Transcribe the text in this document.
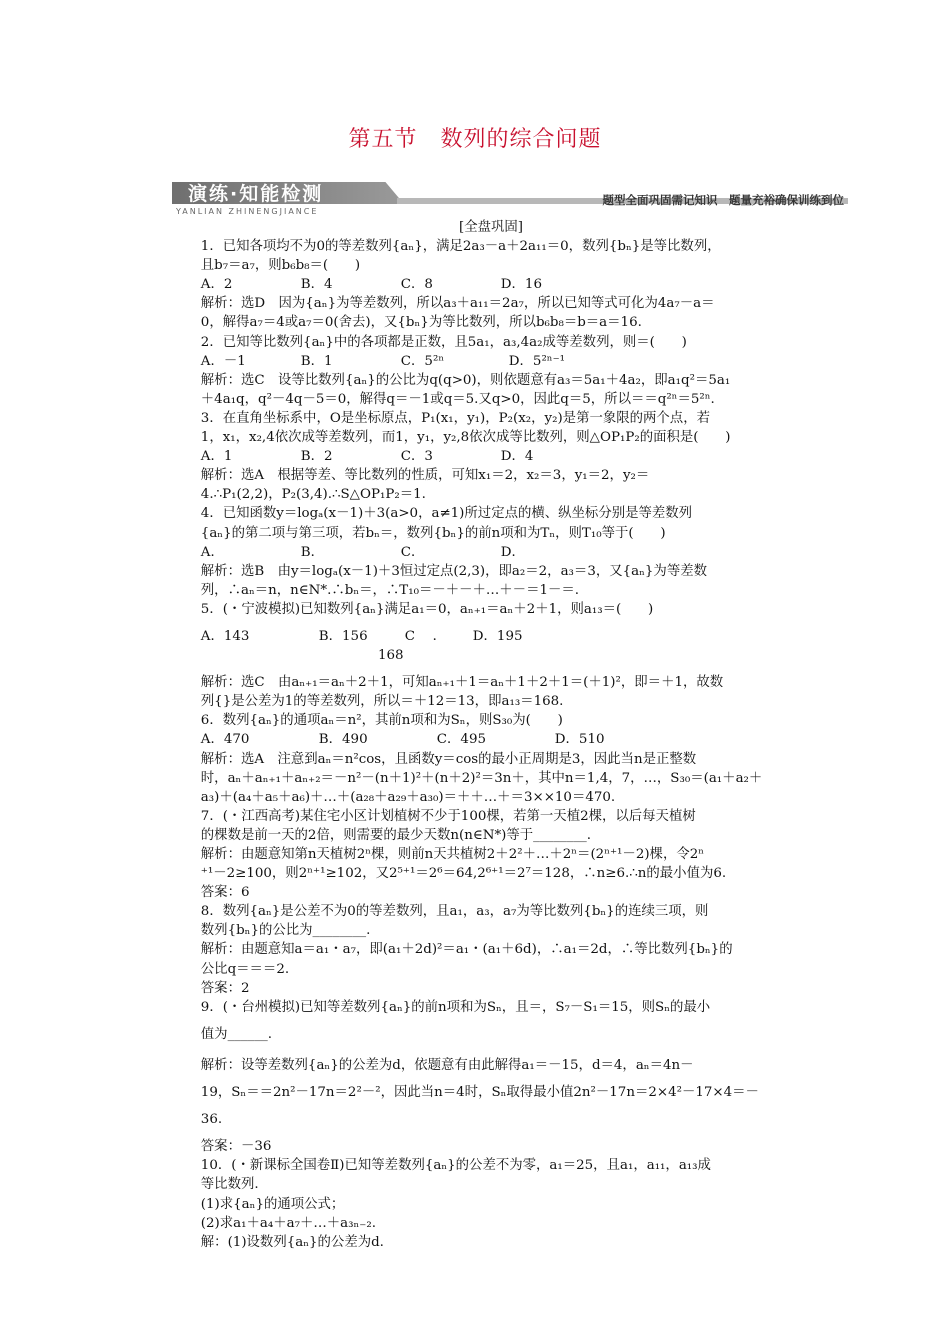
第五节　数列的综合问题
演练·知能检测
YANLIAN ZHINENGJIANCE
题型全面巩固需记知识　题量充裕确保训练到位

[全盘巩固]

1．已知各项均不为0的等差数列{aₙ}，满足2a₃－a＋2a₁₁＝0，数列{bₙ}是等比数列，

且b₇＝a₇，则b₆b₈＝(　　)

A．2	B．4	C．8	D．16

解析：选D　因为{aₙ}为等差数列，所以a₃＋a₁₁＝2a₇，所以已知等式可化为4a₇－a＝

0，解得a₇＝4或a₇＝0(舍去)，又{bₙ}为等比数列，所以b₆b₈＝b＝a＝16.

2．已知等比数列{aₙ}中的各项都是正数，且5a₁，a₃,4a₂成等差数列，则＝(　　)

A．－1	B．1	C．5²ⁿ	D．5²ⁿ⁻¹

解析：选C　设等比数列{aₙ}的公比为q(q>0)，则依题意有a₃＝5a₁＋4a₂，即a₁q²＝5a₁

＋4a₁q，q²－4q－5＝0，解得q＝－1或q＝5.又q>0，因此q＝5，所以＝＝q²ⁿ＝5²ⁿ.

3．在直角坐标系中，O是坐标原点，P₁(x₁，y₁)，P₂(x₂，y₂)是第一象限的两个点，若

1，x₁，x₂,4依次成等差数列，而1，y₁，y₂,8依次成等比数列，则△OP₁P₂的面积是(　　)

A．1	B．2	C．3	D．4

解析：选A　根据等差、等比数列的性质，可知x₁＝2，x₂＝3，y₁＝2，y₂＝

4.∴P₁(2,2)，P₂(3,4).∴S△OP₁P₂＝1.

4．已知函数y＝logₐ(x－1)＋3(a>0，a≠1)所过定点的横、纵坐标分别是等差数列

{aₙ}的第二项与第三项，若bₙ＝，数列{bₙ}的前n项和为Tₙ，则T₁₀等于(　　)

A．	B．	C．	D．

解析：选B　由y＝logₐ(x－1)＋3恒过定点(2,3)，即a₂＝2，a₃＝3，又{aₙ}为等差数

列，∴aₙ＝n，n∈N*.∴bₙ＝，∴T₁₀＝－＋－＋…＋－＝1－＝.

5．(・宁波模拟)已知数列{aₙ}满足a₁＝0，aₙ₊₁＝aₙ＋2＋1，则a₁₃＝(　　)

A．143	B．156	C．168
D．195

解析：选C　由aₙ₊₁＝aₙ＋2＋1，可知aₙ₊₁＋1＝aₙ＋1＋2＋1＝(＋1)²，即＝＋1，故数

列{}是公差为1的等差数列，所以＝＋12＝13，即a₁₃＝168.

6．数列{aₙ}的通项aₙ＝n²，其前n项和为Sₙ，则S₃₀为(　　)

A．470	B．490	C．495	D．510

解析：选A　注意到aₙ＝n²cos，且函数y＝cos的最小正周期是3，因此当n是正整数

时，aₙ＋aₙ₊₁＋aₙ₊₂＝－n²－(n＋1)²＋(n＋2)²＝3n＋，其中n＝1,4，7，…，S₃₀＝(a₁＋a₂＋

a₃)＋(a₄＋a₅＋a₆)＋…＋(a₂₈＋a₂₉＋a₃₀)＝＋＋…＋＝3××10＝470.

7．(・江西高考)某住宅小区计划植树不少于100棵，若第一天植2棵，以后每天植树

的棵数是前一天的2倍，则需要的最少天数n(n∈N*)等于________.

解析：由题意知第n天植树2ⁿ棵，则前n天共植树2＋2²＋…＋2ⁿ＝(2ⁿ⁺¹－2)棵，令2ⁿ

⁺¹－2≥100，则2ⁿ⁺¹≥102，又2⁵⁺¹＝2⁶＝64,2⁶⁺¹＝2⁷＝128，∴n≥6.∴n的最小值为6.

答案：6

8．数列{aₙ}是公差不为0的等差数列，且a₁，a₃，a₇为等比数列{bₙ}的连续三项，则

数列{bₙ}的公比为________.

解析：由题意知a＝a₁・a₇，即(a₁＋2d)²＝a₁・(a₁＋6d)，∴a₁＝2d，∴等比数列{bₙ}的

公比q＝＝＝2.

答案：2

9．(・台州模拟)已知等差数列{aₙ}的前n项和为Sₙ，且＝，S₇－S₁＝15，则Sₙ的最小

值为______.

解析：设等差数列{aₙ}的公差为d，依题意有由此解得a₁＝－15，d＝4，aₙ＝4n－

19，Sₙ＝＝2n²－17n＝2²－²，因此当n＝4时，Sₙ取得最小值2n²－17n＝2×4²－17×4＝－

36.

答案：－36

10．(・新课标全国卷Ⅱ)已知等差数列{aₙ}的公差不为零，a₁＝25，且a₁，a₁₁，a₁₃成

等比数列.

(1)求{aₙ}的通项公式；

(2)求a₁＋a₄＋a₇＋…＋a₃ₙ₋₂.

解：(1)设数列{aₙ}的公差为d.
